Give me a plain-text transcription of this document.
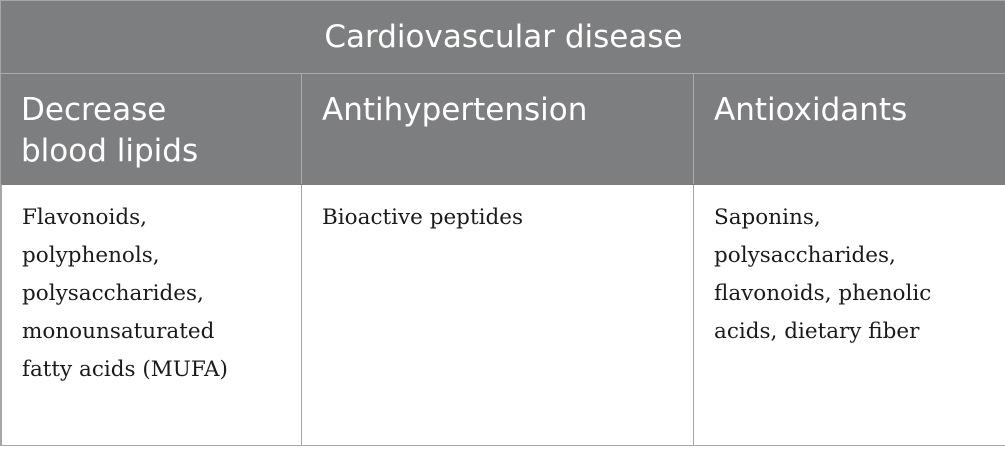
Cardiovascular disease
Decrease
blood lipids
Antihypertension	Antioxidants
Flavonoids,
polyphenols,
polysaccharides,
monounsaturated
fatty acids (MUFA)
Bioactive peptides	Saponins,
polysaccharides,
flavonoids, phenolic
acids, dietary fiber
